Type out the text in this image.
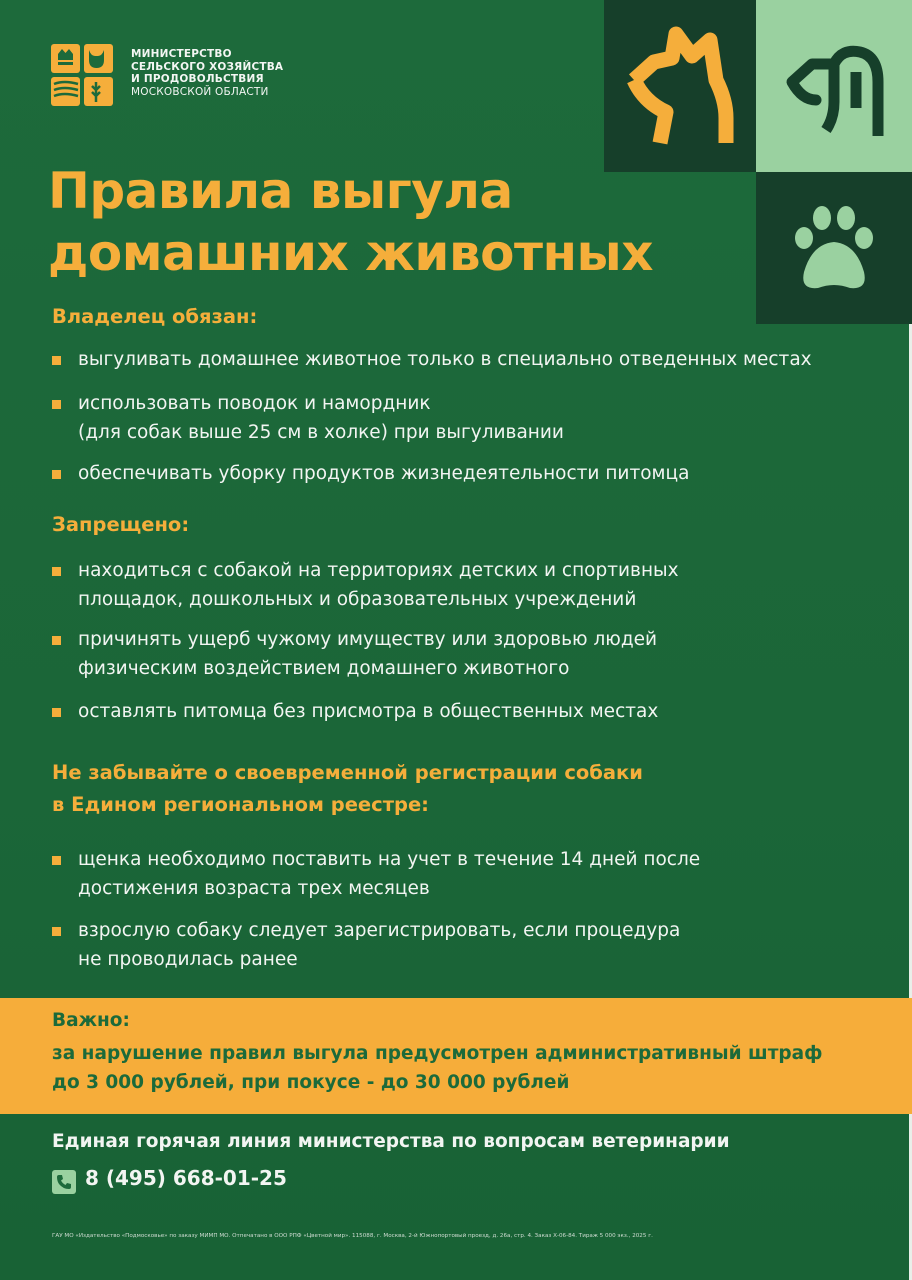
МИНИСТЕРСТВО
СЕЛЬСКОГО ХОЗЯЙСТВА
И ПРОДОВОЛЬСТВИЯ
МОСКОВСКОЙ ОБЛАСТИ
Правила выгула
домашних животных
Владелец обязан:
выгуливать домашнее животное только в специально отведенных местах
использовать поводок и намордник
(для собак выше 25 см в холке) при выгуливании
обеспечивать уборку продуктов жизнедеятельности питомца
Запрещено:
находиться с собакой на территориях детских и спортивных
площадок, дошкольных и образовательных учреждений
причинять ущерб чужому имуществу или здоровью людей
физическим воздействием домашнего животного
оставлять питомца без присмотра в общественных местах
Не забывайте о своевременной регистрации собаки
в Едином региональном реестре:
щенка необходимо поставить на учет в течение 14 дней после
достижения возраста трех месяцев
взрослую собаку следует зарегистрировать, если процедура
не проводилась ранее
Важно:
за нарушение правил выгула предусмотрен административный штраф
до 3 000 рублей, при покусе - до 30 000 рублей
Единая горячая линия министерства по вопросам ветеринарии
8 (495) 668-01-25
ГАУ МО «Издательство «Подмосковье» по заказу МИМП МО. Отпечатано в ООО РПФ «Цветной мир». 115088, г. Москва, 2-й Южнопортовый проезд, д. 26а, стр. 4. Заказ Х-06-84. Тираж 5 000 экз., 2025 г.
